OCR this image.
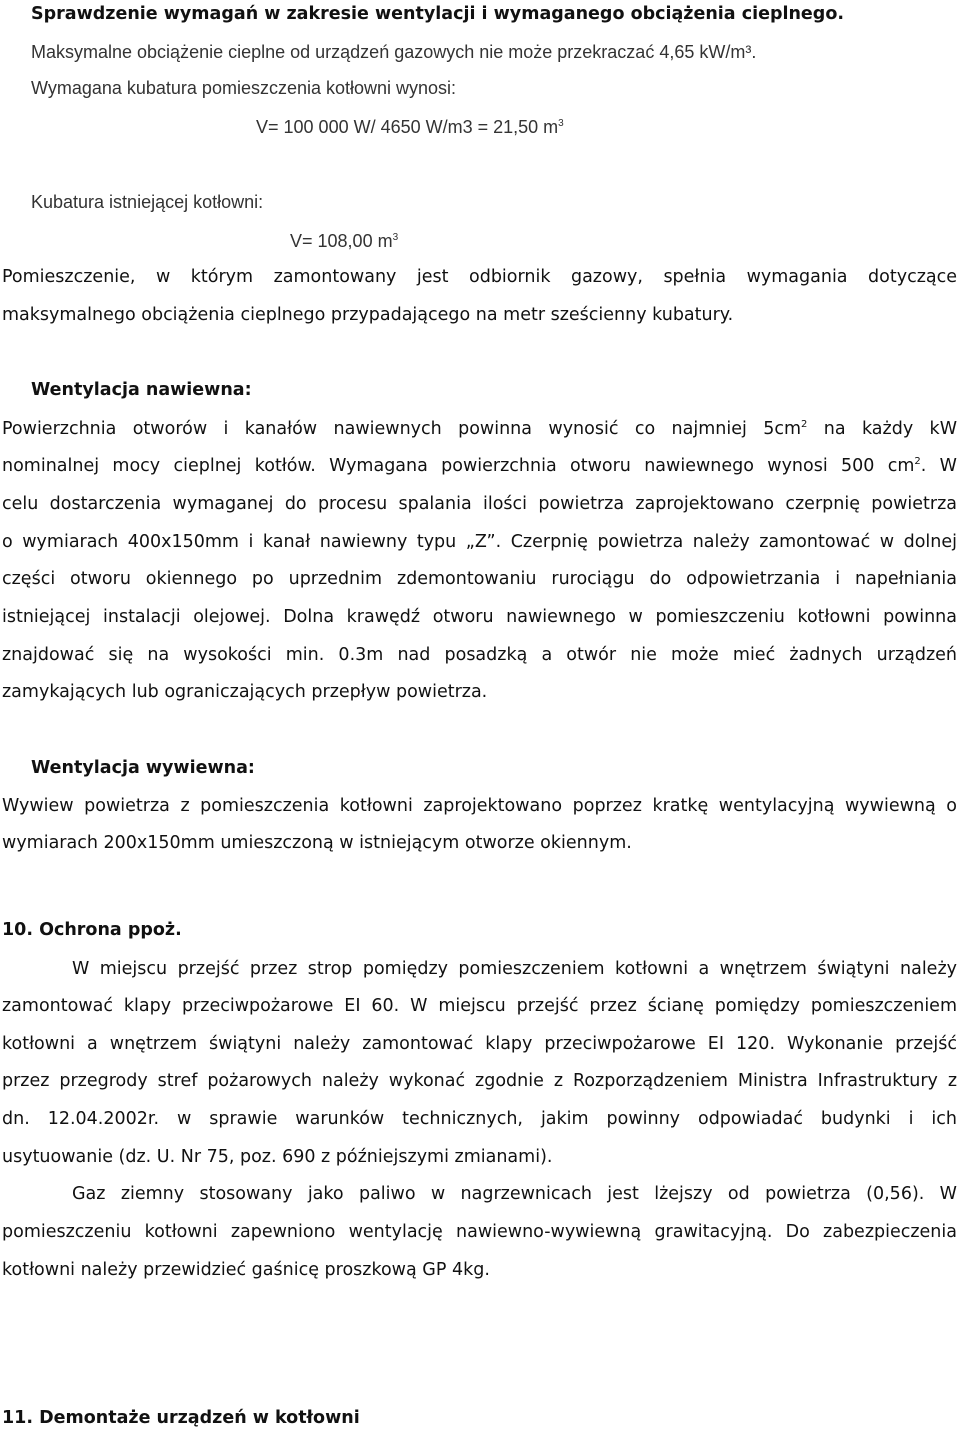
Sprawdzenie wymagań w zakresie wentylacji i wymaganego obciążenia cieplnego.
Maksymalne obciążenie cieplne od urządzeń gazowych nie może przekraczać 4,65 kW/m³.
Wymagana kubatura pomieszczenia kotłowni wynosi:
V= 100 000 W/ 4650 W/m3 = 21,50 $m^3$
Kubatura istniejącej kotłowni:
V= 108,00 $m^3$
Pomieszczenie, w którym zamontowany jest odbiornik gazowy, spełnia wymagania dotyczące
maksymalnego obciążenia cieplnego przypadającego na metr sześcienny kubatury.
Wentylacja nawiewna:
Powierzchnia otworów i kanałów nawiewnych powinna wynosić co najmniej $5cm^2$ na każdy kW
nominalnej mocy cieplnej kotłów. Wymagana powierzchnia otworu nawiewnego wynosi 500 $cm^2$. W
celu dostarczenia wymaganej do procesu spalania ilości powietrza zaprojektowano czerpnię powietrza
o wymiarach 400x150mm i kanał nawiewny typu „Z”. Czerpnię powietrza należy zamontować w dolnej
części otworu okiennego po uprzednim zdemontowaniu rurociągu do odpowietrzania i napełniania
istniejącej instalacji olejowej. Dolna krawędź otworu nawiewnego w pomieszczeniu kotłowni powinna
znajdować się na wysokości min. 0.3m nad posadzką a otwór nie może mieć żadnych urządzeń
zamykających lub ograniczających przepływ powietrza.
Wentylacja wywiewna:
Wywiew powietrza z pomieszczenia kotłowni zaprojektowano poprzez kratkę wentylacyjną wywiewną o
wymiarach 200x150mm umieszczoną w istniejącym otworze okiennym.
10. Ochrona ppoż.
W miejscu przejść przez strop pomiędzy pomieszczeniem kotłowni a wnętrzem świątyni należy
zamontować klapy przeciwpożarowe EI 60. W miejscu przejść przez ścianę pomiędzy pomieszczeniem
kotłowni a wnętrzem świątyni należy zamontować klapy przeciwpożarowe EI 120. Wykonanie przejść
przez przegrody stref pożarowych należy wykonać zgodnie z Rozporządzeniem Ministra Infrastruktury z
dn. 12.04.2002r. w sprawie warunków technicznych, jakim powinny odpowiadać budynki i ich
usytuowanie (dz. U. Nr 75, poz. 690 z późniejszymi zmianami).
Gaz ziemny stosowany jako paliwo w nagrzewnicach jest lżejszy od powietrza (0,56). W
pomieszczeniu kotłowni zapewniono wentylację nawiewno-wywiewną grawitacyjną. Do zabezpieczenia
kotłowni należy przewidzieć gaśnicę proszkową GP 4kg.
11. Demontaże urządzeń w kotłowni
